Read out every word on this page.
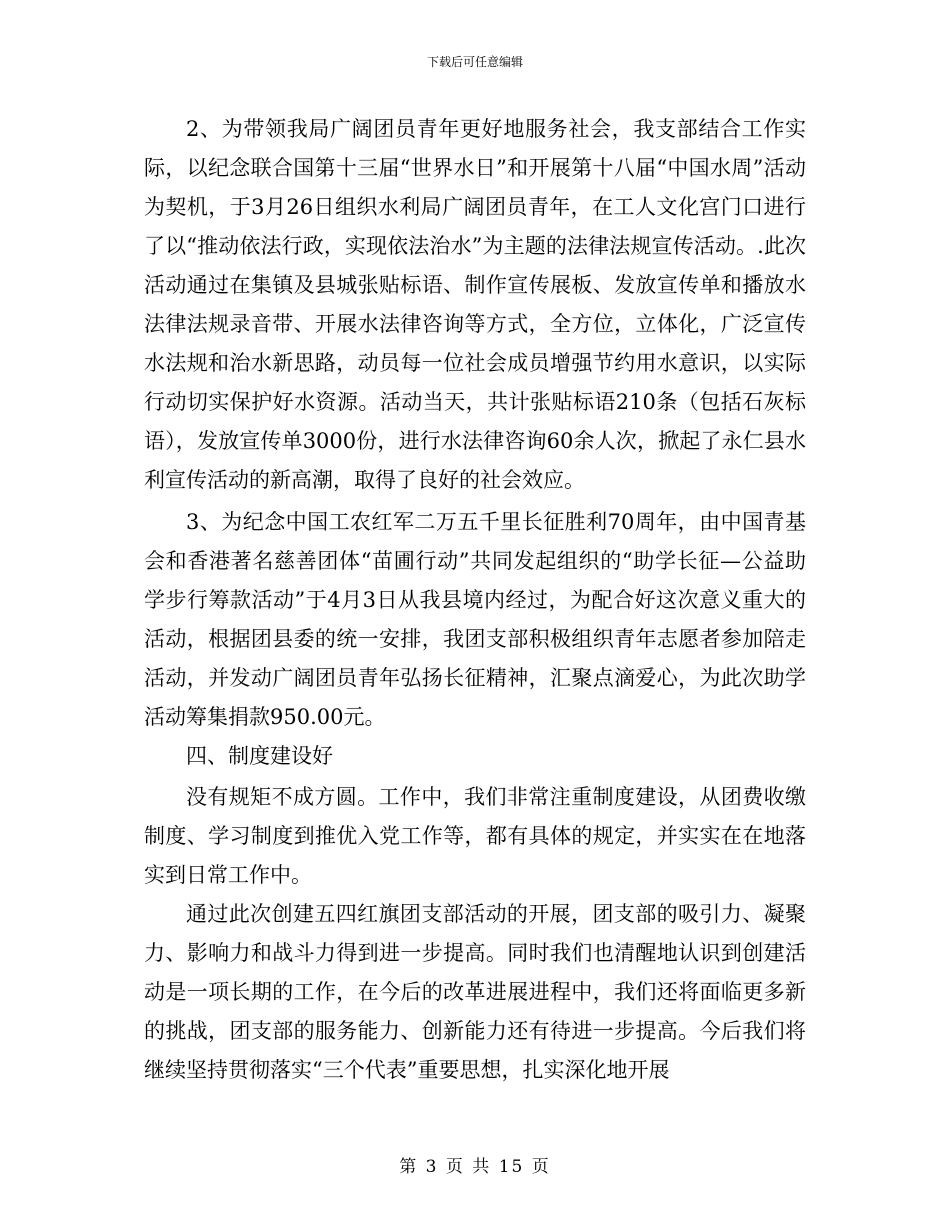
下载后可任意编辑

2、为带领我局广阔团员青年更好地服务社会，我支部结合工作实际，以纪念联合国第十三届“世界水日”和开展第十八届“中国水周”活动为契机，于3月26日组织水利局广阔团员青年，在工人文化宫门口进行了以“推动依法行政，实现依法治水”为主题的法律法规宣传活动。.此次活动通过在集镇及县城张贴标语、制作宣传展板、发放宣传单和播放水法律法规录音带、开展水法律咨询等方式，全方位，立体化，广泛宣传水法规和治水新思路，动员每一位社会成员增强节约用水意识，以实际行动切实保护好水资源。活动当天，共计张贴标语210条（包括石灰标语），发放宣传单3000份，进行水法律咨询60余人次，掀起了永仁县水利宣传活动的新高潮，取得了良好的社会效应。

3、为纪念中国工农红军二万五千里长征胜利70周年，由中国青基会和香港著名慈善团体“苗圃行动”共同发起组织的“助学长征—公益助学步行筹款活动”于4月3日从我县境内经过，为配合好这次意义重大的活动，根据团县委的统一安排，我团支部积极组织青年志愿者参加陪走活动，并发动广阔团员青年弘扬长征精神，汇聚点滴爱心，为此次助学活动筹集捐款950.00元。

四、制度建设好

没有规矩不成方圆。工作中，我们非常注重制度建设，从团费收缴制度、学习制度到推优入党工作等，都有具体的规定，并实实在在地落实到日常工作中。

通过此次创建五四红旗团支部活动的开展，团支部的吸引力、凝聚力、影响力和战斗力得到进一步提高。同时我们也清醒地认识到创建活动是一项长期的工作，在今后的改革进展进程中，我们还将面临更多新的挑战，团支部的服务能力、创新能力还有待进一步提高。今后我们将继续坚持贯彻落实“三个代表”重要思想，扎实深化地开展

第 3 页 共 15 页
